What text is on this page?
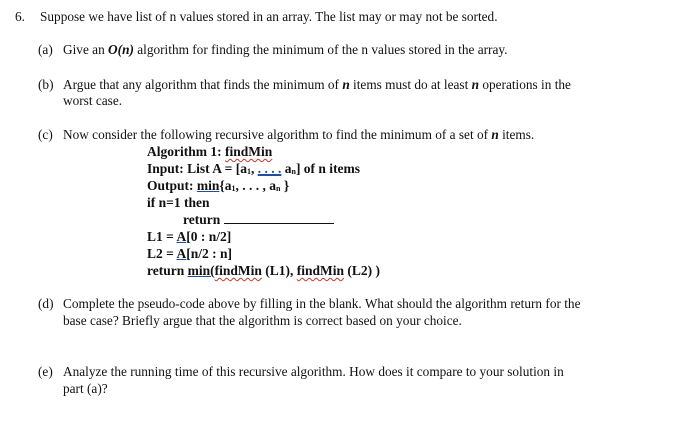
6. Suppose we have list of n values stored in an array. The list may or may not be sorted.
(a) Give an O(n) algorithm for finding the minimum of the n values stored in the array.
(b) Argue that any algorithm that finds the minimum of n items must do at least n operations in the
worst case.
(c) Now consider the following recursive algorithm to find the minimum of a set of n items.
Algorithm 1: findMin
Input: List A = [a1, . . . . an] of n items
Output: min{a1, . . . , an }
if n=1 then
return
L1 = A[0 : n/2]
L2 = A[n/2 : n]
return min(findMin (L1), findMin (L2) )
(d) Complete the pseudo-code above by filling in the blank. What should the algorithm return for the
base case? Briefly argue that the algorithm is correct based on your choice.
(e) Analyze the running time of this recursive algorithm. How does it compare to your solution in
part (a)?
